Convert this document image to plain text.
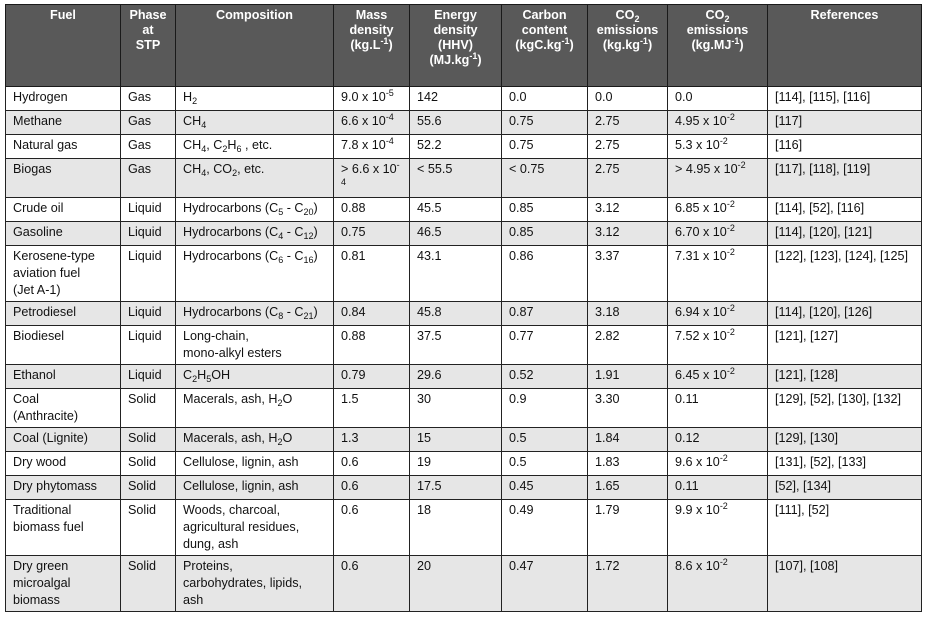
Fuel	Phase
at
STP	Composition	Mass
density
$(kg.L^{-1})$	Energy
density
(HHV)
$(MJ.kg^{-1})$	Carbon
content
$(kgC.kg^{-1})$	$CO_2$
emissions
$(kg.kg^{-1})$	$CO_2$
emissions
$(kg.MJ^{-1})$	References

Hydrogen	Gas	$H_2$	9.0 x $10^{-5}$	142	0.0	0.0	0.0	[114], [115], [116]
Methane	Gas	$CH_4$	6.6 x $10^{-4}$	55.6	0.75	2.75	4.95 x $10^{-2}$	[117]
Natural gas	Gas	$CH_4$, $C_2H_6$ , etc.	7.8 x $10^{-4}$	52.2	0.75	2.75	5.3 x $10^{-2}$	[116]
Biogas	Gas	$CH_4$, $CO_2$, etc.	> 6.6 x $10^{-4}$	< 55.5	< 0.75	2.75	> 4.95 x $10^{-2}$	[117], [118], [119]
Crude oil	Liquid	Hydrocarbons $(C_5 - C_{20})$	0.88	45.5	0.85	3.12	6.85 x $10^{-2}$	[114], [52], [116]
Gasoline	Liquid	Hydrocarbons $(C_4 - C_{12})$	0.75	46.5	0.85	3.12	6.70 x $10^{-2}$	[114], [120], [121]
Kerosene-type
aviation fuel
(Jet A-1)	Liquid	Hydrocarbons $(C_6 - C_{16})$	0.81	43.1	0.86	3.37	7.31 x $10^{-2}$	[122], [123], [124], [125]
Petrodiesel	Liquid	Hydrocarbons $(C_8 - C_{21})$	0.84	45.8	0.87	3.18	6.94 x $10^{-2}$	[114], [120], [126]
Biodiesel	Liquid	Long-chain,
mono-alkyl esters	0.88	37.5	0.77	2.82	7.52 x $10^{-2}$	[121], [127]
Ethanol	Liquid	$C_2H_5OH$	0.79	29.6	0.52	1.91	6.45 x $10^{-2}$	[121], [128]
Coal
(Anthracite)	Solid	Macerals, ash, $H_2O$	1.5	30	0.9	3.30	0.11	[129], [52], [130], [132]
Coal (Lignite)	Solid	Macerals, ash, $H_2O$	1.3	15	0.5	1.84	0.12	[129], [130]
Dry wood	Solid	Cellulose, lignin, ash	0.6	19	0.5	1.83	9.6 x $10^{-2}$	[131], [52], [133]
Dry phytomass	Solid	Cellulose, lignin, ash	0.6	17.5	0.45	1.65	0.11	[52], [134]
Traditional
biomass fuel	Solid	Woods, charcoal,
agricultural residues,
dung, ash	0.6	18	0.49	1.79	9.9 x $10^{-2}$	[111], [52]
Dry green
microalgal
biomass	Solid	Proteins,
carbohydrates, lipids,
ash	0.6	20	0.47	1.72	8.6 x $10^{-2}$	[107], [108]
